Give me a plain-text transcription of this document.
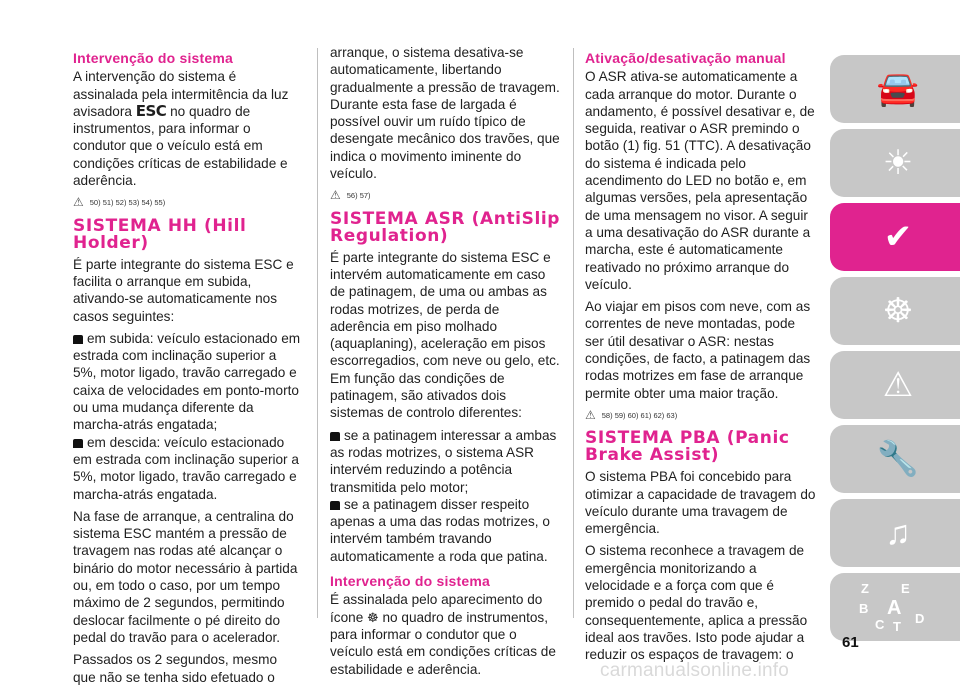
Intervenção do sistema

A intervenção do sistema é assinalada pela intermitência da luz avisadora ESC no quadro de instrumentos, para informar o condutor que o veículo está em condições críticas de estabilidade e aderência.

⚠ 50) 51) 52) 53) 54) 55)
SISTEMA HH (Hill Holder)

É parte integrante do sistema ESC e facilita o arranque em subida, ativando-se automaticamente nos casos seguintes:

em subida: veículo estacionado em estrada com inclinação superior a 5%, motor ligado, travão carregado e caixa de velocidades em ponto-morto ou uma mudança diferente da marcha-atrás engatada;

em descida: veículo estacionado em estrada com inclinação superior a 5%, motor ligado, travão carregado e marcha-atrás engatada.

Na fase de arranque, a centralina do sistema ESC mantém a pressão de travagem nas rodas até alcançar o binário do motor necessário à partida ou, em todo o caso, por um tempo máximo de 2 segundos, permitindo deslocar facilmente o pé direito do pedal do travão para o acelerador.

Passados os 2 segundos, mesmo que não se tenha sido efetuado o

arranque, o sistema desativa-se automaticamente, libertando gradualmente a pressão de travagem. Durante esta fase de largada é possível ouvir um ruído típico de desengate mecânico dos travões, que indica o movimento iminente do veículo.

⚠ 56) 57)
SISTEMA ASR (AntiSlip Regulation)

É parte integrante do sistema ESC e intervém automaticamente em caso de patinagem, de uma ou ambas as rodas motrizes, de perda de aderência em piso molhado (aquaplaning), aceleração em pisos escorregadios, com neve ou gelo, etc. Em função das condições de patinagem, são ativados dois sistemas de controlo diferentes:

se a patinagem interessar a ambas as rodas motrizes, o sistema ASR intervém reduzindo a potência transmitida pelo motor;

se a patinagem disser respeito apenas a uma das rodas motrizes, o intervém também travando automaticamente a roda que patina.

Intervenção do sistema

É assinalada pelo aparecimento do ícone ☸ no quadro de instrumentos, para informar o condutor que o veículo está em condições críticas de estabilidade e aderência.

Ativação/desativação manual

O ASR ativa-se automaticamente a cada arranque do motor. Durante o andamento, é possível desativar e, de seguida, reativar o ASR premindo o botão (1) fig. 51 (TTC). A desativação do sistema é indicada pelo acendimento do LED no botão e, em algumas versões, pela apresentação de uma mensagem no visor. A seguir a uma desativação do ASR durante a marcha, este é automaticamente reativado no próximo arranque do veículo.

Ao viajar em pisos com neve, com as correntes de neve montadas, pode ser útil desativar o ASR: nestas condições, de facto, a patinagem das rodas motrizes em fase de arranque permite obter uma maior tração.

⚠ 58) 59) 60) 61) 62) 63)
SISTEMA PBA (Panic Brake Assist)

O sistema PBA foi concebido para otimizar a capacidade de travagem do veículo durante uma travagem de emergência.

O sistema reconhece a travagem de emergência monitorizando a velocidade e a força com que é premido o pedal do travão e, consequentemente, aplica a pressão ideal aos travões. Isto pode ajudar a reduzir os espaços de travagem: o

🚘
☀
✔
☸
⚠
🔧
♫
Z E
B A
C T
D
61
carmanualsonline.info
